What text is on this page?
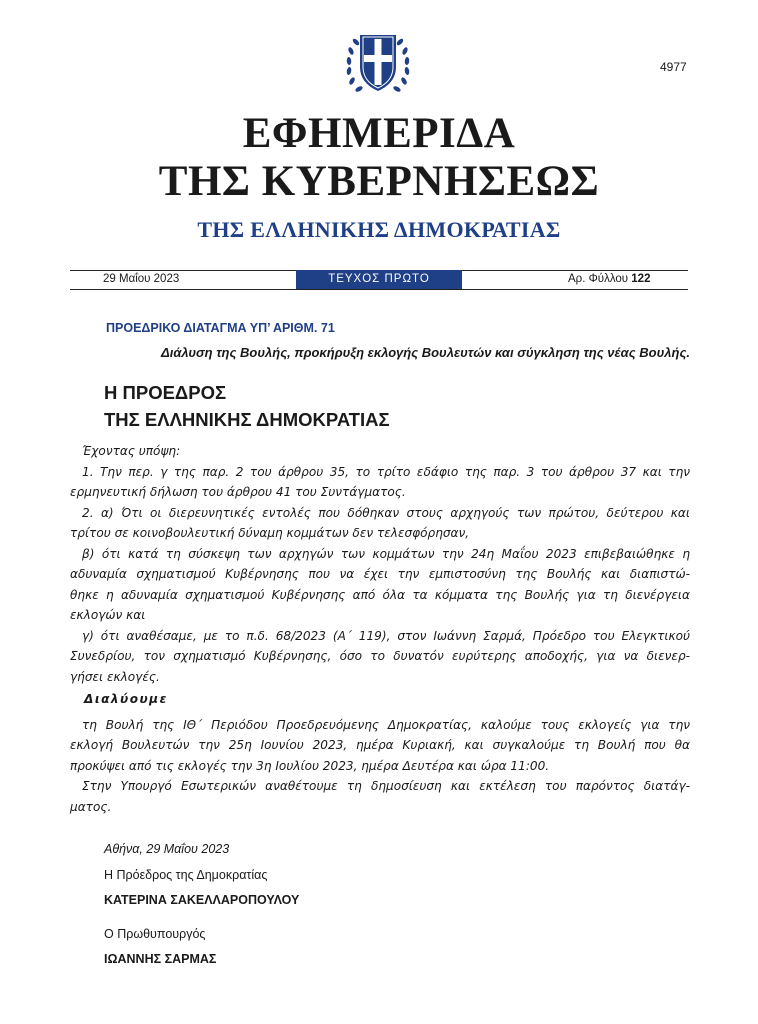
4977
ΕΦΗΜΕΡΙΔΑ
ΤΗΣ ΚΥΒΕΡΝΗΣΕΩΣ
ΤΗΣ ΕΛΛΗΝΙΚΗΣ ΔΗΜΟΚΡΑΤΙΑΣ
29 Μαΐου 2023	ΤΕΥΧΟΣ ΠΡΩΤΟ	Αρ. Φύλλου 122
ΠΡΟΕΔΡΙΚΟ ΔΙΑΤΑΓΜΑ ΥΠ’ ΑΡΙΘΜ. 71
Διάλυση της Βουλής, προκήρυξη εκλογής Βουλευτών και σύγκληση της νέας Βουλής.
Η ΠΡΟΕΔΡΟΣ
ΤΗΣ ΕΛΛΗΝΙΚΗΣ ΔΗΜΟΚΡΑΤΙΑΣ

Έχοντας υπόψη:

1. Την περ. γ της παρ. 2 του άρθρου 35, το τρίτο εδάφιο της παρ. 3 του άρθρου 37 και την

ερμηνευτική δήλωση του άρθρου 41 του Συντάγματος.

2. α) Ότι οι διερευνητικές εντολές που δόθηκαν στους αρχηγούς των πρώτου, δεύτερου και

τρίτου σε κοινοβουλευτική δύναμη κομμάτων δεν τελεσφόρησαν,

β) ότι κατά τη σύσκεψη των αρχηγών των κομμάτων την 24η Μαΐου 2023 επιβεβαιώθηκε η

αδυναμία σχηματισμού Κυβέρνησης που να έχει την εμπιστοσύνη της Βουλής και διαπιστώ-

θηκε η αδυναμία σχηματισμού Κυβέρνησης από όλα τα κόμματα της Βουλής για τη διενέργεια

εκλογών και

γ) ότι αναθέσαμε, με το π.δ. 68/2023 (Α΄ 119), στον Ιωάννη Σαρμά, Πρόεδρο του Ελεγκτικού

Συνεδρίου, τον σχηματισμό Κυβέρνησης, όσο το δυνατόν ευρύτερης αποδοχής, για να διενερ-

γήσει εκλογές.

Διαλύουμε

τη Βουλή της ΙΘ΄ Περιόδου Προεδρευόμενης Δημοκρατίας, καλούμε τους εκλογείς για την

εκλογή Βουλευτών την 25η Ιουνίου 2023, ημέρα Κυριακή, και συγκαλούμε τη Βουλή που θα

προκύψει από τις εκλογές την 3η Ιουλίου 2023, ημέρα Δευτέρα και ώρα 11:00.

Στην Υπουργό Εσωτερικών αναθέτουμε τη δημοσίευση και εκτέλεση του παρόντος διατάγ-

ματος.

Αθήνα, 29 Μαΐου 2023
Η Πρόεδρος της Δημοκρατίας
ΚΑΤΕΡΙΝΑ ΣΑΚΕΛΛΑΡΟΠΟΥΛΟΥ
Ο Πρωθυπουργός
ΙΩΑΝΝΗΣ ΣΑΡΜΑΣ
